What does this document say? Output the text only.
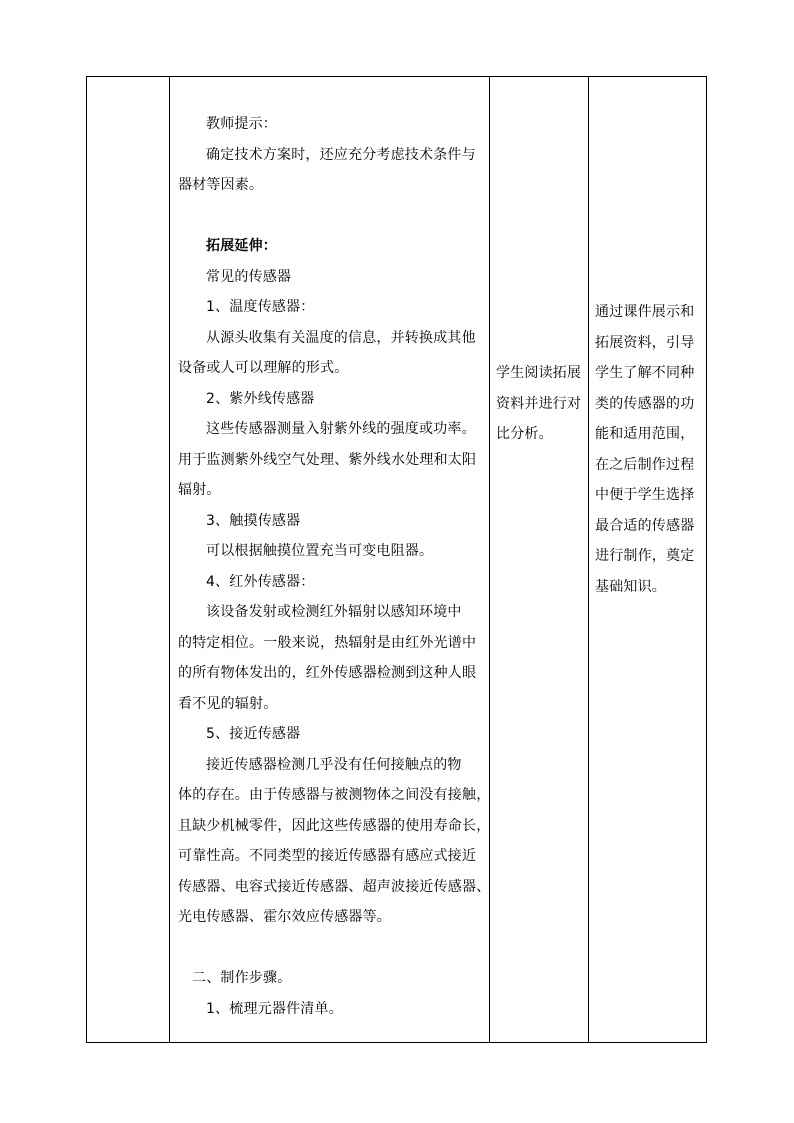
教师提示：

确定技术方案时，还应充分考虑技术条件与

器材等因素。

拓展延伸：

常见的传感器

1、温度传感器：

从源头收集有关温度的信息，并转换成其他

设备或人可以理解的形式。

2、紫外线传感器

这些传感器测量入射紫外线的强度或功率。

用于监测紫外线空气处理、紫外线水处理和太阳

辐射。

3、触摸传感器

可以根据触摸位置充当可变电阻器。

4、红外传感器：

该设备发射或检测红外辐射以感知环境中

的特定相位。一般来说，热辐射是由红外光谱中

的所有物体发出的，红外传感器检测到这种人眼

看不见的辐射。

5、接近传感器

接近传感器检测几乎没有任何接触点的物

体的存在。由于传感器与被测物体之间没有接触，

且缺少机械零件，因此这些传感器的使用寿命长，

可靠性高。不同类型的接近传感器有感应式接近

传感器、电容式接近传感器、超声波接近传感器、

光电传感器、霍尔效应传感器等。

二、制作步骤。

1、梳理元器件清单。

学生阅读拓展

资料并进行对

比分析。

通过课件展示和

拓展资料，引导

学生了解不同种

类的传感器的功

能和适用范围，

在之后制作过程

中便于学生选择

最合适的传感器

进行制作，奠定

基础知识。
